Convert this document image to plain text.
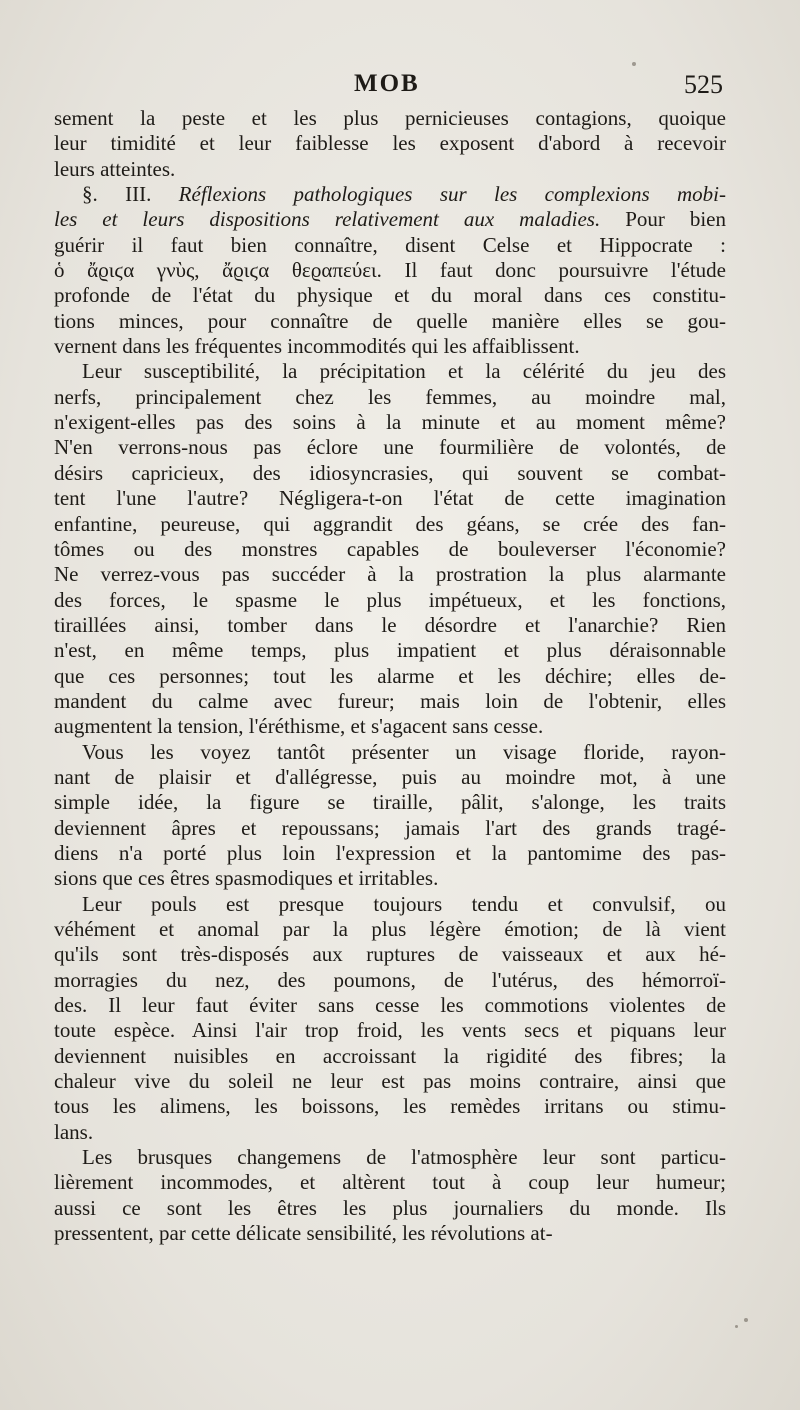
MOB	525
sement la peste et les plus pernicieuses contagions, quoique
leur timidité et leur faiblesse les exposent d'abord à recevoir
leurs atteintes.
§. III. Réflexions pathologiques sur les complexions mobi-
les et leurs dispositions relativement aux maladies. Pour bien
guérir il faut bien connaître, disent Celse et Hippocrate :
ὁ ἄϱιϛα γνὺς, ἄϱιϛα θεϱαπεύει. Il faut donc poursuivre l'étude
profonde de l'état du physique et du moral dans ces constitu-
tions minces, pour connaître de quelle manière elles se gou-
vernent dans les fréquentes incommodités qui les affaiblissent.
Leur susceptibilité, la précipitation et la célérité du jeu des
nerfs, principalement chez les femmes, au moindre mal,
n'exigent-elles pas des soins à la minute et au moment même?
N'en verrons-nous pas éclore une fourmilière de volontés, de
désirs capricieux, des idiosyncrasies, qui souvent se combat-
tent l'une l'autre? Négligera-t-on l'état de cette imagination
enfantine, peureuse, qui aggrandit des géans, se crée des fan-
tômes ou des monstres capables de bouleverser l'économie?
Ne verrez-vous pas succéder à la prostration la plus alarmante
des forces, le spasme le plus impétueux, et les fonctions,
tiraillées ainsi, tomber dans le désordre et l'anarchie? Rien
n'est, en même temps, plus impatient et plus déraisonnable
que ces personnes; tout les alarme et les déchire; elles de-
mandent du calme avec fureur; mais loin de l'obtenir, elles
augmentent la tension, l'éréthisme, et s'agacent sans cesse.
Vous les voyez tantôt présenter un visage floride, rayon-
nant de plaisir et d'allégresse, puis au moindre mot, à une
simple idée, la figure se tiraille, pâlit, s'alonge, les traits
deviennent âpres et repoussans; jamais l'art des grands tragé-
diens n'a porté plus loin l'expression et la pantomime des pas-
sions que ces êtres spasmodiques et irritables.
Leur pouls est presque toujours tendu et convulsif, ou
véhément et anomal par la plus légère émotion; de là vient
qu'ils sont très-disposés aux ruptures de vaisseaux et aux hé-
morragies du nez, des poumons, de l'utérus, des hémorroï-
des. Il leur faut éviter sans cesse les commotions violentes de
toute espèce. Ainsi l'air trop froid, les vents secs et piquans leur
deviennent nuisibles en accroissant la rigidité des fibres; la
chaleur vive du soleil ne leur est pas moins contraire, ainsi que
tous les alimens, les boissons, les remèdes irritans ou stimu-
lans.
Les brusques changemens de l'atmosphère leur sont particu-
lièrement incommodes, et altèrent tout à coup leur humeur;
aussi ce sont les êtres les plus journaliers du monde. Ils
pressentent, par cette délicate sensibilité, les révolutions at-
